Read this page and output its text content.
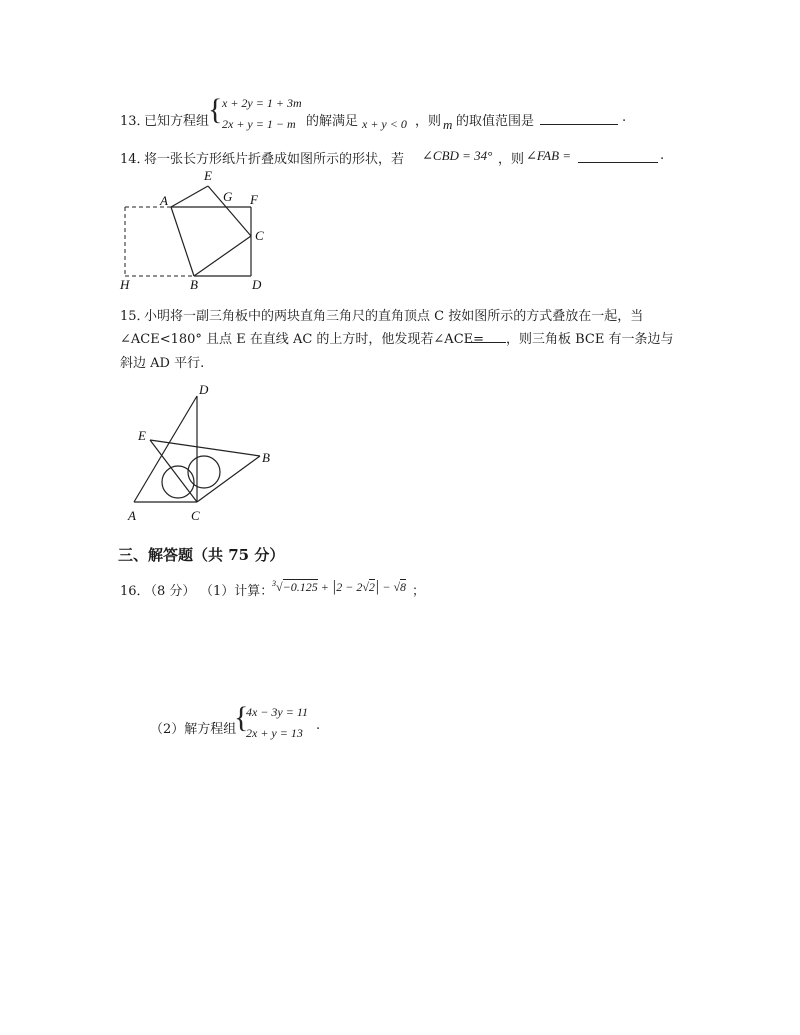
13．
已知方程组
{ x + 2y = 1 + 3m
2x + y = 1 − m 的解满足 x + y < 0 ，则 m 的取值范围是	.
14．
将一张长方形纸片折叠成如图所示的形状，若 ∠CBD = 34° ，则 ∠FAB =	.
E
A	G F
C
H	B	D
15．
小明将一副三角板中的两块直角三角尺的直角顶点 C 按如图所示的方式叠放在一起，当
∠ACE<180° 且点 E 在直线 AC 的上方时，他发现若∠ACE= ，则三角板 BCE 有一条边与
斜边 AD 平行.
D
E
B
A	C
三、解答题（共 75 分）
16．
（8 分） （1）计算：
$^3$√−0.125 + |2 − 2√2| − √8 ；
（2）解方程组
{
4x − 3y = 11
2x + y = 13 .
